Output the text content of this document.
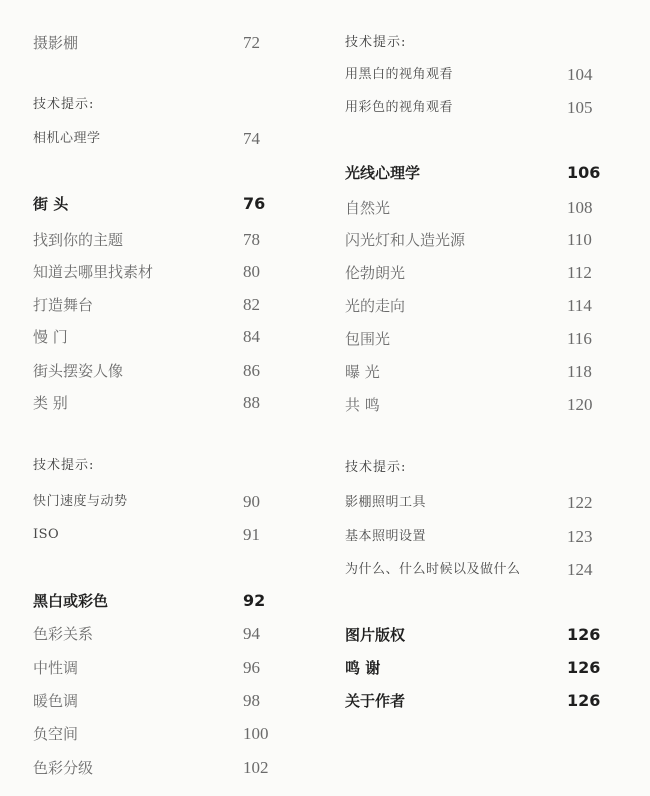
摄影棚	72
技术提示:
相机心理学	74
街 头	76
找到你的主题	78
知道去哪里找素材	80
打造舞台	82
慢 门	84
街头摆姿人像	86
类 别	88
技术提示:
快门速度与动势	90
ISO	91
黑白或彩色	92
色彩关系	94
中性调	96
暖色调	98
负空间	100
色彩分级	102
技术提示:
用黑白的视角观看	104
用彩色的视角观看	105
光线心理学	106
自然光	108
闪光灯和人造光源	110
伦勃朗光	112
光的走向	114
包围光	116
曝 光	118
共 鸣	120
技术提示:
影棚照明工具	122
基本照明设置	123
为什么、什么时候以及做什么	124
图片版权	126
鸣 谢	126
关于作者	126
